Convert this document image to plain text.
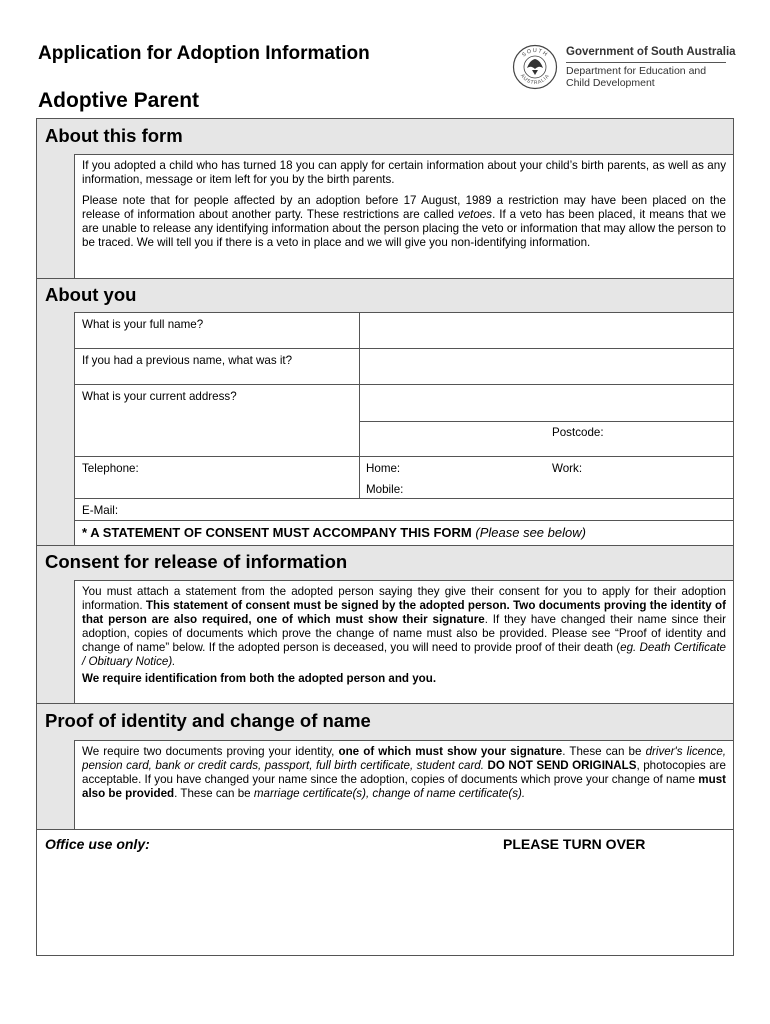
Application for Adoption Information
Adoptive Parent
SOUTH
AUSTRALIA
Government of South Australia
Department for Education and
Child Development
About this form

If you adopted a child who has turned 18 you can apply for certain information about your child’s birth parents, as well as any information, message or item left for you by the birth parents.

Please note that for people affected by an adoption before 17 August, 1989 a restriction may have been placed on the release of information about another party. These restrictions are called vetoes. If a veto has been placed, it means that we are unable to release any identifying information about the person placing the veto or information that may allow the person to be traced. We will tell you if there is a veto in place and we will give you non-identifying information.

About you
What is your full name?
If you had a previous name, what was it?
What is your current address?
Postcode:
Telephone:	Home:	Work:
Mobile:
E-Mail:
* A STATEMENT OF CONSENT MUST ACCOMPANY THIS FORM (Please see below)
Consent for release of information

You must attach a statement from the adopted person saying they give their consent for you to apply for their adoption information. This statement of consent must be signed by the adopted person. Two documents proving the identity of that person are also required, one of which must show their signature. If they have changed their name since their adoption, copies of documents which prove the change of name must also be provided. Please see “Proof of identity and change of name” below. If the adopted person is deceased, you will need to provide proof of their death (eg. Death Certificate / Obituary Notice).

We require identification from both the adopted person and you.

Proof of identity and change of name

We require two documents proving your identity, one of which must show your signature. These can be driver's licence, pension card, bank or credit cards, passport, full birth certificate, student card. DO NOT SEND ORIGINALS, photocopies are acceptable. If you have changed your name since the adoption, copies of documents which prove your change of name must also be provided. These can be marriage certificate(s), change of name certificate(s).

Office use only:	PLEASE TURN OVER
